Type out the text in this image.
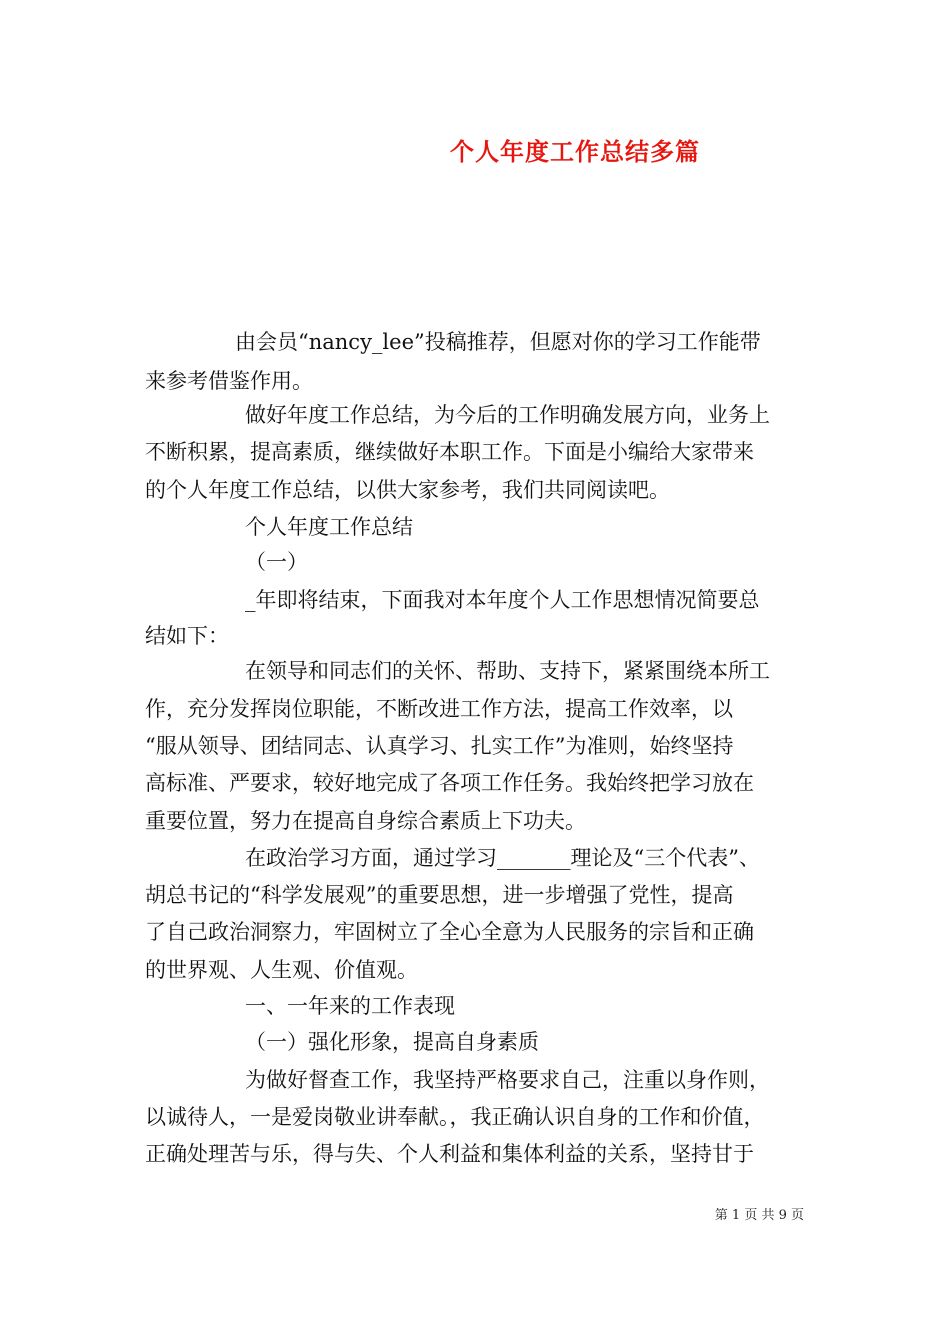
个人年度工作总结多篇
由会员“nancy_lee”投稿推荐，但愿对你的学习工作能带
来参考借鉴作用。
做好年度工作总结，为今后的工作明确发展方向，业务上
不断积累，提高素质，继续做好本职工作。下面是小编给大家带来
的个人年度工作总结，以供大家参考，我们共同阅读吧。
个人年度工作总结
（一）
_年即将结束，下面我对本年度个人工作思想情况简要总
结如下：
在领导和同志们的关怀、帮助、支持下，紧紧围绕本所工
作，充分发挥岗位职能，不断改进工作方法，提高工作效率，以
“服从领导、团结同志、认真学习、扎实工作”为准则，始终坚持
高标准、严要求，较好地完成了各项工作任务。我始终把学习放在
重要位置，努力在提高自身综合素质上下功夫。
在政治学习方面，通过学习_______理论及“三个代表”、
胡总书记的“科学发展观”的重要思想，进一步增强了党性，提高
了自己政治洞察力，牢固树立了全心全意为人民服务的宗旨和正确
的世界观、人生观、价值观。
一、一年来的工作表现
（一）强化形象，提高自身素质
为做好督查工作，我坚持严格要求自己，注重以身作则，
以诚待人，一是爱岗敬业讲奉献。，我正确认识自身的工作和价值，
正确处理苦与乐，得与失、个人利益和集体利益的关系，坚持甘于
第 1 页 共 9 页
